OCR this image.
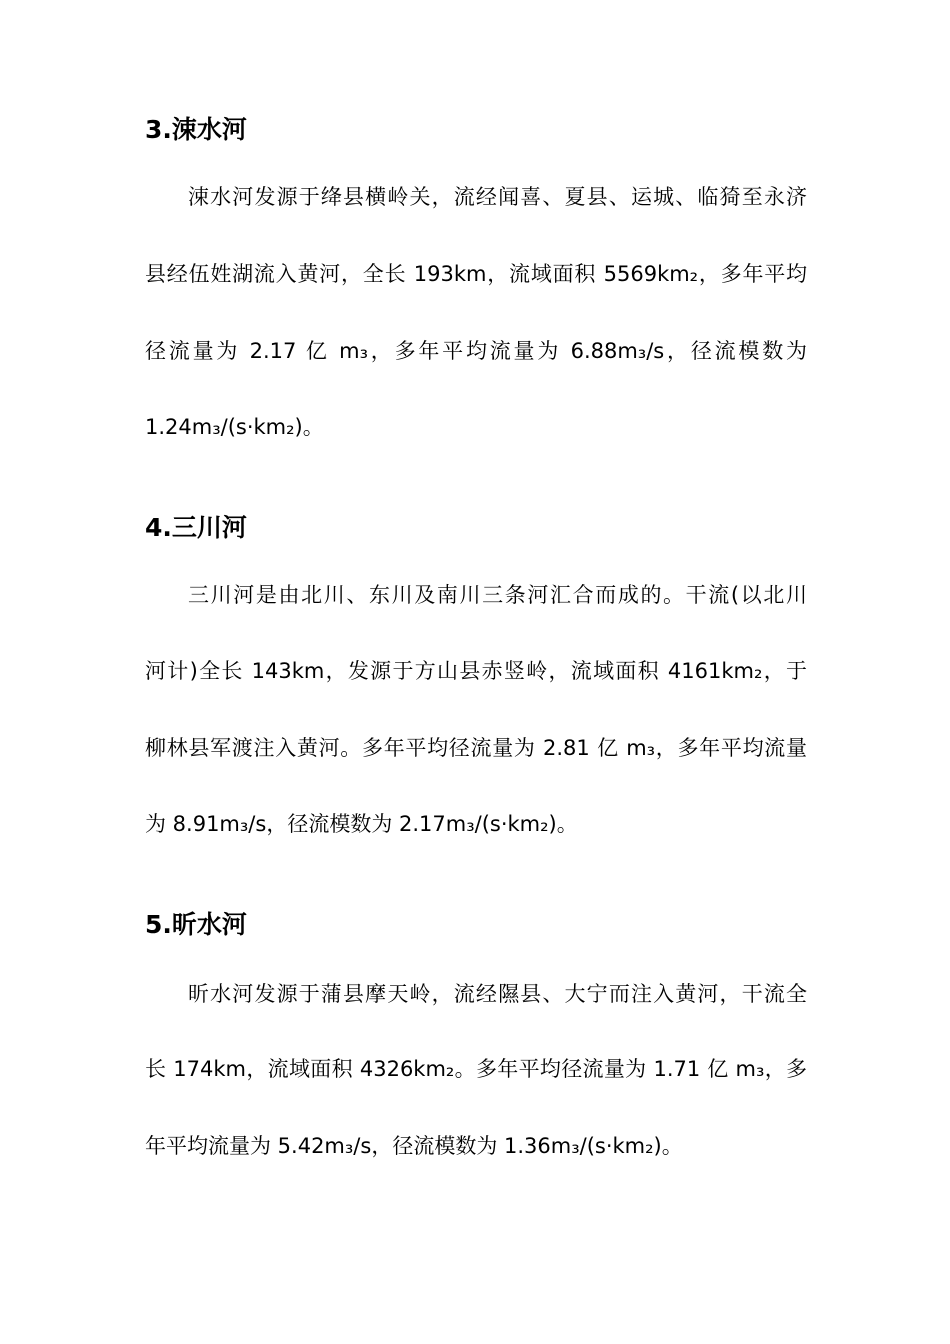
3.涑水河
涑水河发源于绛县横岭关，流经闻喜、夏县、运城、临猗至永济
县经伍姓湖流入黄河，全长 193km，流域面积 5569km₂，多年平均
径流量为 2.17 亿 m₃，多年平均流量为 6.88m₃/s，径流模数为
1.24m₃/(s·km₂)。
4.三川河
三川河是由北川、东川及南川三条河汇合而成的。干流(以北川
河计)全长 143km，发源于方山县赤竖岭，流域面积 4161km₂，于
柳林县军渡注入黄河。多年平均径流量为 2.81 亿 m₃，多年平均流量
为 8.91m₃/s，径流模数为 2.17m₃/(s·km₂)。
5.昕水河
昕水河发源于蒲县摩天岭，流经隰县、大宁而注入黄河，干流全
长 174km，流域面积 4326km₂。多年平均径流量为 1.71 亿 m₃，多
年平均流量为 5.42m₃/s，径流模数为 1.36m₃/(s·km₂)。
